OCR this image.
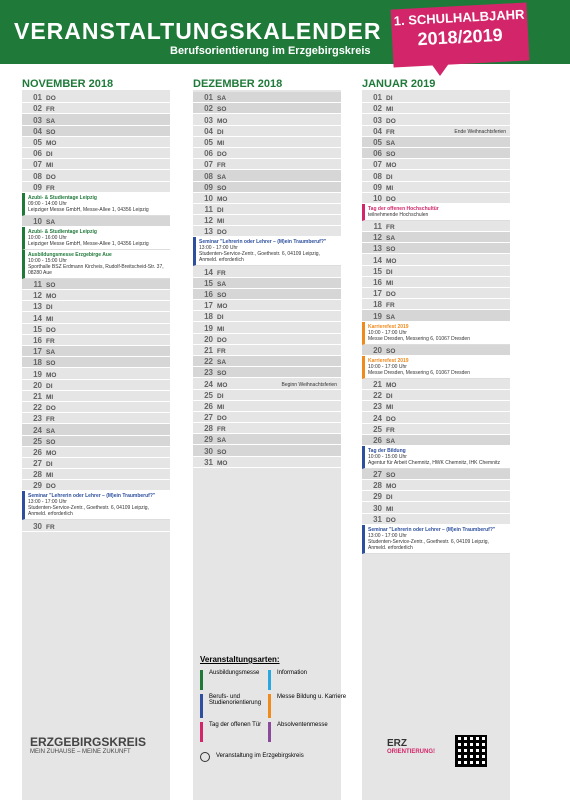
VERANSTALTUNGSKALENDER
Berufsorientierung im Erzgebirgskreis
1. SCHULHALBJAHR
2018/2019
NOVEMBER 2018	DEZEMBER 2018	JANUAR 2019
01 DO
02 FR
03 SA
04 SO
05 MO
06 DI
07 MI
08 DO
09 FR
Azubi- & Studientage Leipzig
09:00 - 14:00 Uhr
Leipziger Messe GmbH, Messe-Allee 1, 04356 Leipzig
10 SA
Azubi- & Studientage Leipzig
10:00 - 16:00 Uhr
Leipziger Messe GmbH, Messe-Allee 1, 04356 Leipzig
Ausbildungsmesse Erzgebirge Aue
10:00 - 15:00 Uhr
Sporthalle BSZ Erdmann Kircheis, Rudolf-Breitscheid-Str. 37, 08280 Aue
11 SO
12 MO
13 DI
14 MI
15 DO
16 FR
17 SA
18 SO
19 MO
20 DI
21 MI
22 DO
23 FR
24 SA
25 SO
26 MO
27 DI
28 MI
29 DO
Seminar "Lehrerin oder Lehrer – (M)ein Traumberuf?"
13:00 - 17:00 Uhr
Studenten-Service-Zentr., Goethestr. 6, 04109 Leipzig, Anmeld. erforderlich
30 FR
01 SA
02 SO
03 MO
04 DI
05 MI
06 DO
07 FR
08 SA
09 SO
10 MO
11 DI
12 MI
13 DO
Seminar "Lehrerin oder Lehrer – (M)ein Traumberuf?"
13:00 - 17:00 Uhr
Studenten-Service-Zentr., Goethestr. 6, 04109 Leipzig, Anmeld. erforderlich
14 FR
15 SA
16 SO
17 MO
18 DI
19 MI
20 DO
21 FR
22 SA
23 SO
24 MO	Beginn Weihnachtsferien
25 DI
26 MI
27 DO
28 FR
29 SA
30 SO
31 MO
01 DI
02 MI
03 DO
04 FR	Ende Weihnachtsferien
05 SA
06 SO
07 MO
08 DI
09 MI
10 DO
Tag der offenen Hochschultür
teilnehmende Hochschulen
11 FR
12 SA
13 SO
14 MO
15 DI
16 MI
17 DO
18 FR
19 SA
Karrierefest 2019
10:00 - 17:00 Uhr
Messe Dresden, Messering 6, 01067 Dresden
20 SO
Karrierefest 2019
10:00 - 17:00 Uhr
Messe Dresden, Messering 6, 01067 Dresden
21 MO
22 DI
23 MI
24 DO
25 FR
26 SA
Tag der Bildung
10:00 - 15:00 Uhr
Agentur für Arbeit Chemnitz, HWK Chemnitz, IHK Chemnitz
27 SO
28 MO
29 DI
30 MI
31 DO
Seminar "Lehrerin oder Lehrer – (M)ein Traumberuf?"
13:00 - 17:00 Uhr
Studenten-Service-Zentr., Goethestr. 6, 04109 Leipzig, Anmeld. erforderlich
Veranstaltungsarten:
Ausbildungsmesse	Information
Berufs- und Studienorientierung
Messe Bildung u. Karriere
Tag der offenen Tür	Absolventenmesse
Veranstaltung im Erzgebirgskreis
ERZGEBIRGSKREIS
MEIN ZUHAUSE – MEINE ZUKUNFT
ERZ
ORIENTIERUNG!
